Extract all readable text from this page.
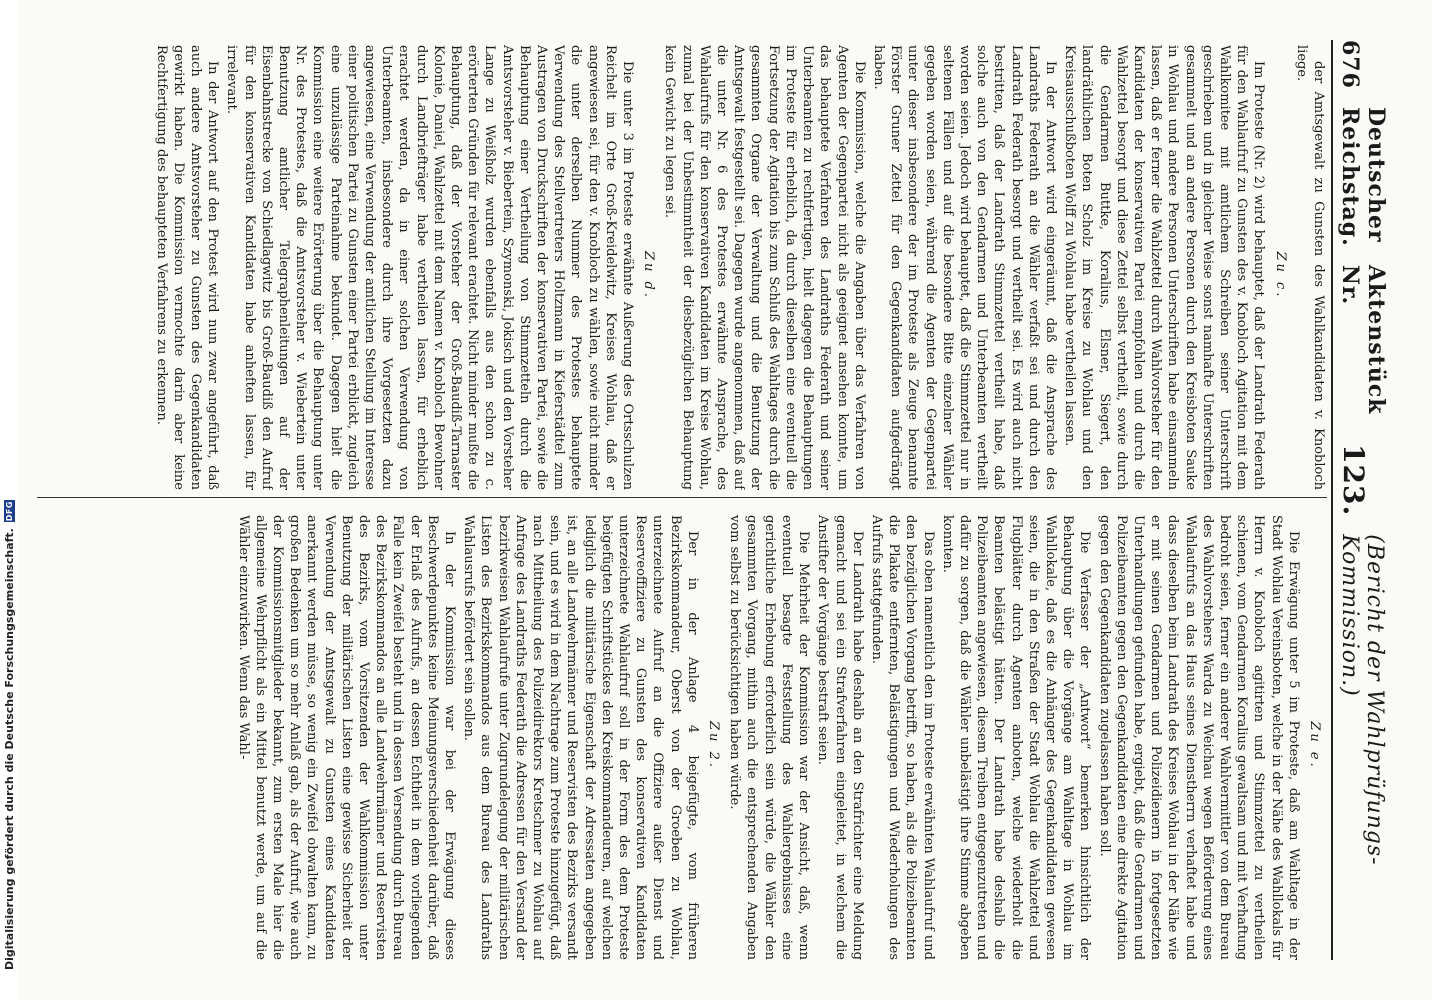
676
Deutscher Reichstag.
Aktenstück Nr.
123.
(Bericht der Wahlprüfungs-Kommission.)

der Amtsgewalt zu Gunsten des Wahlkandidaten v. Knobloch liege.

Zu c.

Im Proteste (Nr. 2) wird behauptet, daß der Landrath Federath für den Wahlaufruf zu Gunsten des v. Knobloch Agitation mit dem Wahlkomitee mit amtlichem Schreiben seiner Unterschrift geschrieben und in gleicher Weise sonst namhafte Unterschriften gesammelt und an andere Personen durch den Kreisboten Sauke in Wohlau und andere Personen Unterschriften habe einsammeln lassen, daß er ferner die Wahlzettel durch Wahlvorsteher für den Kandidaten der konservativen Partei empfohlen und durch die Wahlzettel besorgt und diese Zettel selbst vertheilt, sowie durch die Gendarmen Buttke, Koralius, Elsner, Siegert, den landräthlichen Boten Scholz im Kreise zu Wohlau und den Kreisausschußboten Wolff zu Wohlau habe vertheilen lassen.

In der Antwort wird eingeräumt, daß die Ansprache des Landraths Federath an die Wähler verfaßt sei und durch den Landrath Federath besorgt und vertheilt sei. Es wird auch nicht bestritten, daß der Landrath Stimmzettel vertheilt habe, daß solche auch von den Gendarmen und Unterbeamten vertheilt worden seien. Jedoch wird behauptet, daß die Stimmzettel nur in seltenen Fällen und auf die besondere Bitte einzelner Wähler gegeben worden seien, während die Agenten der Gegenpartei unter dieser insbesondere der im Proteste als Zeuge benannte Förster Gruner Zettel für den Gegenkandidaten aufgedrängt haben.

Die Kommission, welche die Angaben über das Verfahren von Agenten der Gegenpartei nicht als geeignet ansehen konnte, um das behauptete Verfahren des Landraths Federath und seiner Unterbeamten zu rechtfertigen, hielt dagegen die Behauptungen im Proteste für erheblich, da durch dieselben eine eventuell die Fortsetzung der Agitation bis zum Schluß des Wahltages durch die gesammten Organe der Verwaltung und die Benutzung der Amtsgewalt festgestellt sei. Dagegen wurde angenommen, daß auf die unter Nr. 6 des Protestes erwähnte Ansprache, des Wahlaufrufs für den konservativen Kandidaten im Kreise Wohlau, zumal bei der Unbestimmtheit der diesbezüglichen Behauptung kein Gewicht zu legen sei.

Zu d.

Die unter 3 im Proteste erwähnte Außerung des Ortsschulzen Reichelt im Orte Groß-Kreidelwitz, Kreises Wohlau, daß er angewiesen sei, für den v. Knobloch zu wählen, sowie nicht minder die unter derselben Nummer des Protestes behauptete Verwendung des Stellvertreters Holtzmann in Kieferstädtel zum Austragen von Druckschriften der konservativen Partei, sowie die Behauptung einer Vertheilung von Stimmzetteln durch die Amtsvorsteher v. Biebertein, Szymonski, Jokisch und den Vorsteher Lange zu Weißholz wurden ebenfalls aus den schon zu c. erörterten Gründen für relevant erachtet. Nicht minder mußte die Behauptung, daß der Vorsteher der Groß-Baudiß-Tarnaster Kolonie, Daniel, Wahlzettel mit dem Namen v. Knobloch Bewohner durch Landbriefträger habe vertheilen lassen, für erheblich erachtet werden, da in einer solchen Verwendung von Unterbeamten, insbesondere durch ihre Vorgesetzten dazu angewiesen, eine Verwendung der amtlichen Stellung im Interesse einer politischen Partei zu Gunsten einer Partei erblickt, zugleich eine unzulässige Parteinahme bekundet. Dagegen hielt die Kommission eine weitere Erörterung über die Behauptung unter Nr. des Protestes, daß die Amtsvorsteher v. Wiebertein unter Benutzung amtlicher Telegraphenleitungen auf der Eisenbahnstrecke von Schiedlagwitz bis Groß-Baudiß den Aufruf für den konservativen Kandidaten habe anheften lassen, für irrelevant.

In der Antwort auf den Protest wird nun zwar angeführt, daß auch andere Amtsvorsteher zu Gunsten des Gegenkandidaten gewirkt haben. Die Kommission vermochte darin aber keine Rechtfertigung des behaupteten Verfahrens zu erkennen.

Zu e.

Die Erwägung unter 5 im Proteste, daß am Wahltage in der Stadt Wohlau Vereinsboten, welche in der Nähe des Wahllokals für Herrn v. Knobloch agitirten und Stimmzettel zu vertheilen schienen, vom Gendarmen Koralius gewaltsam und mit Verhaftung bedroht seien, ferner ein anderer Wahlvermittler von dem Bureau des Wahlvorstehers Warda zu Weichau wegen Beförderung eines Wahlaufrufs an das Haus seines Dienstherrn verhaftet habe und dass dieselben beim Landrath des Kreises Wohlau in der Nähe wie er mit seinen Gendarmen und Polizeidienern in fortgesetzten Unterhandlungen gefunden habe, ergiebt, daß die Gendarmen und Polizeibeamten gegen den Gegenkandidaten eine direkte Agitation gegen den Gegenkandidaten zugelassen haben soll.

Die Verfasser der „Antwort“ bemerken hinsichtlich der Behauptung über die Vorgänge am Wahltage in Wohlau im Wahllokale, daß es die Anhänger des Gegenkandidaten gewesen seien, die in den Straßen der Stadt Wohlau die Wahlzettel und Flugblätter durch Agenten anboten, welche wiederholt die Beamten belästigt hätten. Der Landrath habe deshalb die Polizeibeamten angewiesen, diesem Treiben entgegenzutreten und dafür zu sorgen, daß die Wähler unbelästigt ihre Stimme abgeben konnten.

Das oben namentlich den im Proteste erwähnten Wahlaufruf und den bezüglichen Vorgang betrifft, so haben, als die Polizeibeamten die Plakate entfernten, Belästigungen und Wiederholungen des Aufrufs stattgefunden.

Der Landrath habe deshalb an den Strafrichter eine Meldung gemacht und sei ein Strafverfahren eingeleitet, in welchem die Anstifter der Vorgänge bestraft seien.

Die Mehrheit der Kommission war der Ansicht, daß, wenn eventuell besagte Feststellung des Wahlergebnisses eine gerichtliche Erhebung erforderlich sein würde, die Wähler den gesammten Vorgang, mithin auch die entsprechenden Angaben vom selbst zu berücksichtigen haben würde.

Zu 2.

Der in der Anlage 4 beigefügte, vom früheren Bezirkskommandeur, Oberst von der Groeben zu Wohlau, unterzeichnete Aufruf an die Offiziere außer Dienst und Reserveoffiziere zu Gunsten des konservativen Kandidaten unterzeichnete Wahlaufruf soll in der Form des dem Proteste beigefügten Schriftstückes den Kreiskommandeuren, auf welchen lediglich die militärische Eigenschaft der Adressaten angegeben ist, an alle Landwehrmänner und Reservisten des Bezirks versandt sein, und es wird in dem Nachtrage zum Proteste hinzugefügt, daß nach Mittheilung des Polizeidirektors Kretschmer zu Wohlau auf Anfrage des Landraths Federath die Adressen für den Versand der bezirkweisen Wahlaufrufe unter Zugrundelegung der militärischen Listen des Bezirkskommandos aus dem Bureau des Landraths Wahlausrufs befördert sein sollen.

In der Kommission war bei der Erwägung dieses Beschwerdepunktes keine Meinungsverschiedenheit darüber, daß der Erlaß des Aufrufs, an dessen Echtheit in dem vorliegenden Falle kein Zweifel besteht und in dessen Versendung durch Bureau des Bezirkskommandos an alle Landwehrmänner und Reservisten des Bezirks, vom Vorsitzenden der Wahlkommission unter Benutzung der militärischen Listen eine gewisse Sicherheit der Verwendung der Amtsgewalt zu Gunsten eines Kandidaten anerkannt werden müsse, so wenig ein Zweifel obwalten kann, zu großen Bedenken um so mehr Anlaß gab, als der Aufruf, wie auch der Kommissionsmitglieder bekannt, zum ersten Male hier die allgemeine Wehrpflicht als ein Mittel benutzt werde, um auf die Wähler einzuwirken. Wenn das Wahl-

Digitalisierung gefördert durch die Deutsche Forschungsgemeinschaft.
DFG
